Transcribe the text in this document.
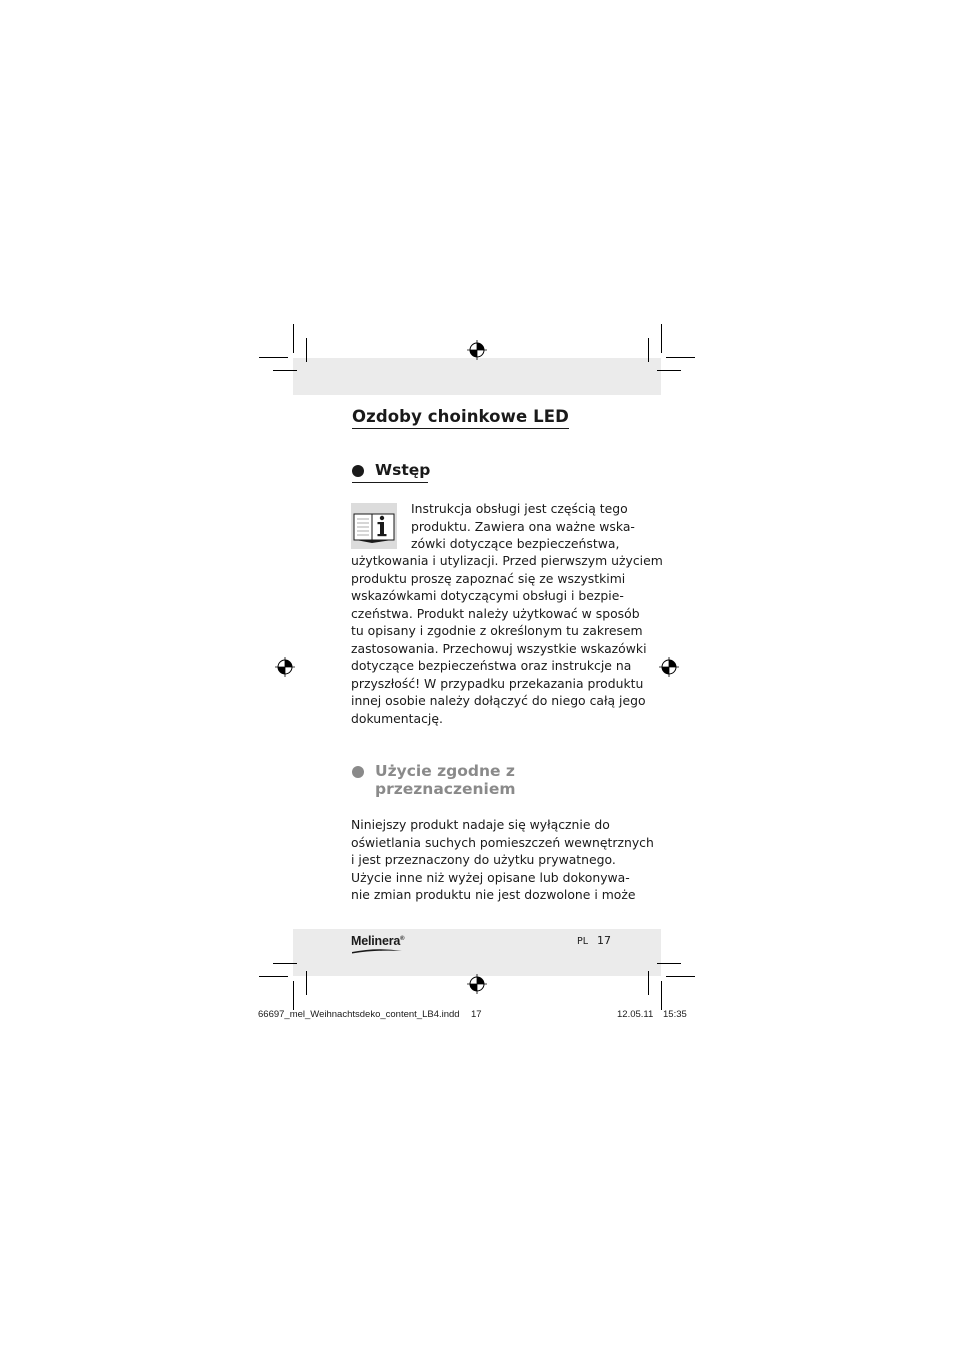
Ozdoby choinkowe LED
Wstęp
Instrukcja obsługi jest częścią tego
produktu. Zawiera ona ważne wska-
zówki dotyczące bezpieczeństwa,
użytkowania i utylizacji. Przed pierwszym użyciem
produktu proszę zapoznać się ze wszystkimi
wskazówkami dotyczącymi obsługi i bezpie-
czeństwa. Produkt należy użytkować w sposób
tu opisany i zgodnie z określonym tu zakresem
zastosowania. Przechowuj wszystkie wskazówki
dotyczące bezpieczeństwa oraz instrukcje na
przyszłość! W przypadku przekazania produktu
innej osobie należy dołączyć do niego całą jego
dokumentację.
Użycie zgodne z
przeznaczeniem
Niniejszy produkt nadaje się wyłącznie do
oświetlania suchych pomieszczeń wewnętrznych
i jest przeznaczony do użytku prywatnego.
Użycie inne niż wyżej opisane lub dokonywa-
nie zmian produktu nie jest dozwolone i może
Melinera®	PL 17
66697_mel_Weihnachtsdeko_content_LB4.indd 17	12.05.11 15:35
